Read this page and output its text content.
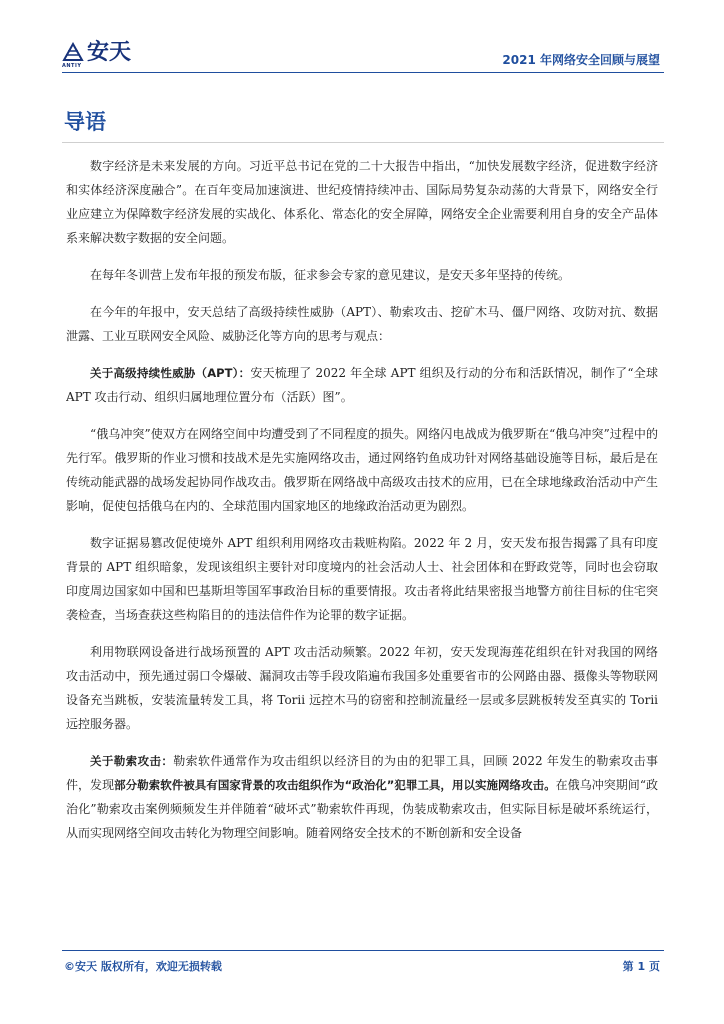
ANTIY
安天	2021 年网络安全回顾与展望
导语

数字经济是未来发展的方向。习近平总书记在党的二十大报告中指出，“加快发展数字经济，促进数字经济和实体经济深度融合”。在百年变局加速演进、世纪疫情持续冲击、国际局势复杂动荡的大背景下，网络安全行业应建立为保障数字经济发展的实战化、体系化、常态化的安全屏障，网络安全企业需要利用自身的安全产品体系来解决数字数据的安全问题。

在每年冬训营上发布年报的预发布版，征求参会专家的意见建议，是安天多年坚持的传统。

在今年的年报中，安天总结了高级持续性威胁（APT）、勒索攻击、挖矿木马、僵尸网络、攻防对抗、数据泄露、工业互联网安全风险、威胁泛化等方向的思考与观点：

关于高级持续性威胁（APT）：安天梳理了 2022 年全球 APT 组织及行动的分布和活跃情况，制作了“全球 APT 攻击行动、组织归属地理位置分布（活跃）图”。

“俄乌冲突”使双方在网络空间中均遭受到了不同程度的损失。网络闪电战成为俄罗斯在“俄乌冲突”过程中的先行军。俄罗斯的作业习惯和技战术是先实施网络攻击，通过网络钓鱼成功针对网络基础设施等目标，最后是在传统动能武器的战场发起协同作战攻击。俄罗斯在网络战中高级攻击技术的应用，已在全球地缘政治活动中产生影响，促使包括俄乌在内的、全球范围内国家地区的地缘政治活动更为剧烈。

数字证据易篡改促使境外 APT 组织利用网络攻击栽赃构陷。2022 年 2 月，安天发布报告揭露了具有印度背景的 APT 组织暗象，发现该组织主要针对印度境内的社会活动人士、社会团体和在野政党等，同时也会窃取印度周边国家如中国和巴基斯坦等国军事政治目标的重要情报。攻击者将此结果密报当地警方前往目标的住宅突袭检查，当场查获这些构陷目的的违法信件作为论罪的数字证据。

利用物联网设备进行战场预置的 APT 攻击活动频繁。2022 年初，安天发现海莲花组织在针对我国的网络攻击活动中，预先通过弱口令爆破、漏洞攻击等手段攻陷遍布我国多处重要省市的公网路由器、摄像头等物联网设备充当跳板，安装流量转发工具，将 Torii 远控木马的窃密和控制流量经一层或多层跳板转发至真实的 Torii 远控服务器。

关于勒索攻击：勒索软件通常作为攻击组织以经济目的为由的犯罪工具，回顾 2022 年发生的勒索攻击事件，发现部分勒索软件被具有国家背景的攻击组织作为“政治化”犯罪工具，用以实施网络攻击。在俄乌冲突期间“政治化”勒索攻击案例频频发生并伴随着“破坏式”勒索软件再现，伪装成勒索攻击，但实际目标是破坏系统运行，从而实现网络空间攻击转化为物理空间影响。随着网络安全技术的不断创新和安全设备

©安天 版权所有，欢迎无损转载	第 1 页
